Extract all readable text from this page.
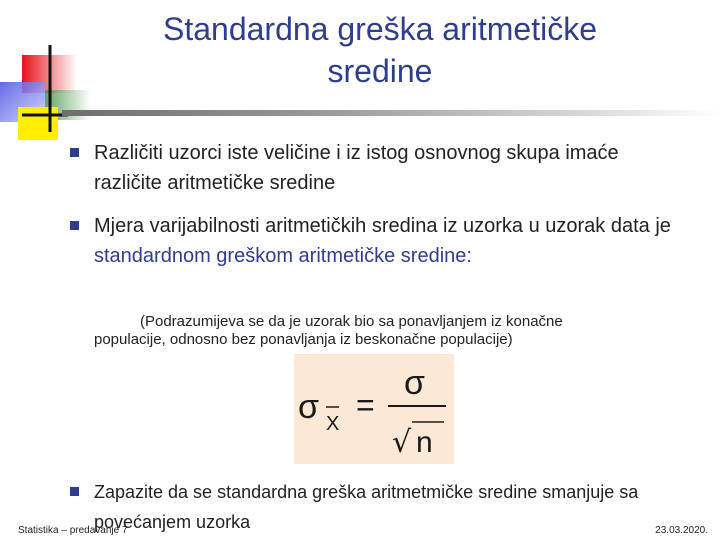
Standardna greška aritmetičke
sredine
Različiti uzorci iste veličine i iz istog osnovnog skupa imaće različite aritmetičke sredine
Mjera varijabilnosti aritmetičkih sredina iz uzorka u uzorak data je standardnom greškom aritmetičke sredine:
(Podrazumijeva se da je uzorak bio sa ponavljanjem iz konačne
populacije, odnosno bez ponavljanja iz beskonačne populacije)
σ X
=
σ
√ n
Zapazite da se standardna greška aritmetmičke sredine smanjuje sa povećanjem uzorka
Statistika – predavanje 7	23.03.2020.
